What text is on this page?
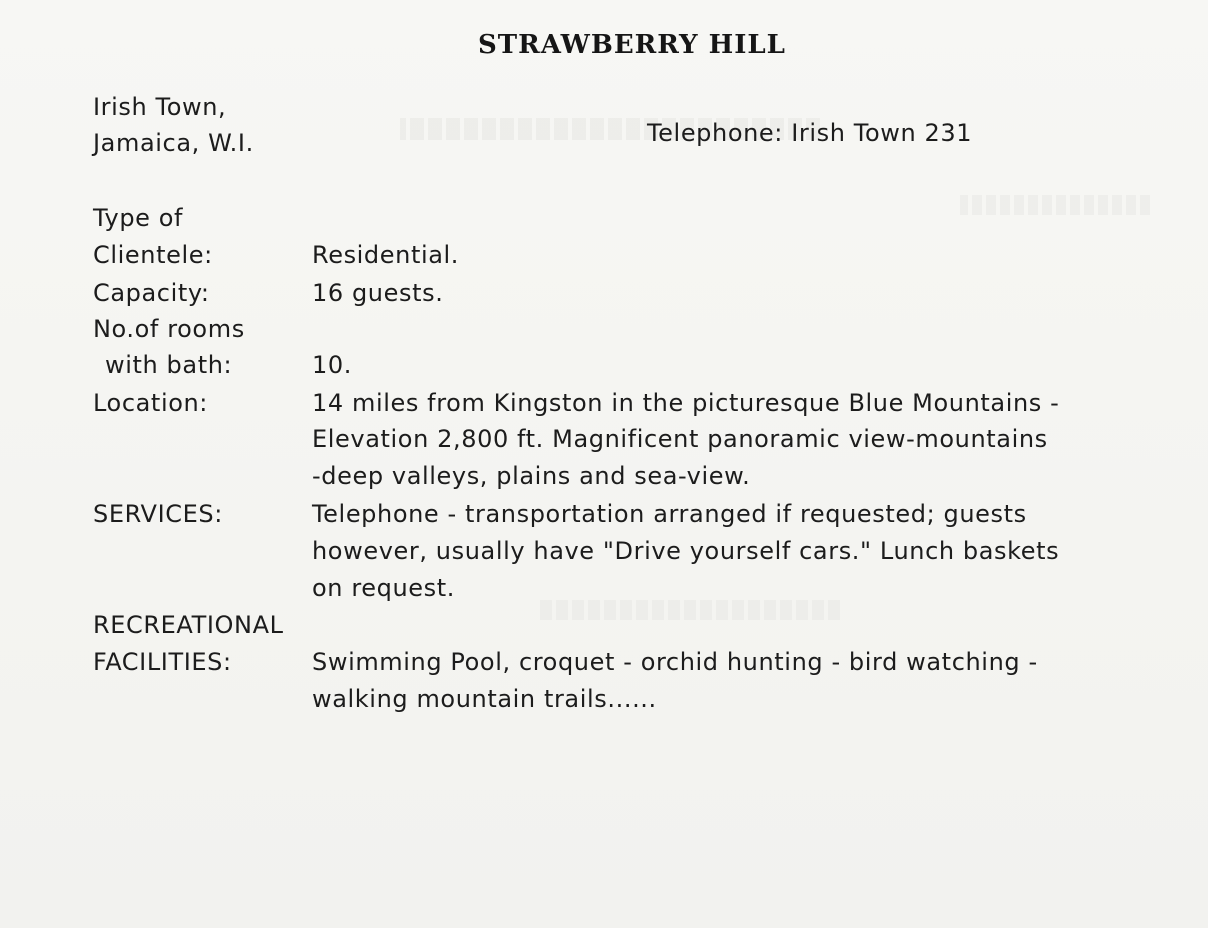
STRAWBERRY HILL
Irish Town,
Jamaica, W.I.	Telephone: Irish Town 231
Type of
Clientele:	Residential.
Capacity:	16 guests.
No.of rooms
with bath:	10.
Location:	14 miles from Kingston in the picturesque Blue Mountains -
Elevation 2,800 ft. Magnificent panoramic view-mountains
-deep valleys, plains and sea-view.
SERVICES:	Telephone - transportation arranged if requested; guests
however, usually have "Drive yourself cars." Lunch baskets
on request.
RECREATIONAL
FACILITIES:	Swimming Pool, croquet - orchid hunting - bird watching -
walking mountain trails......
